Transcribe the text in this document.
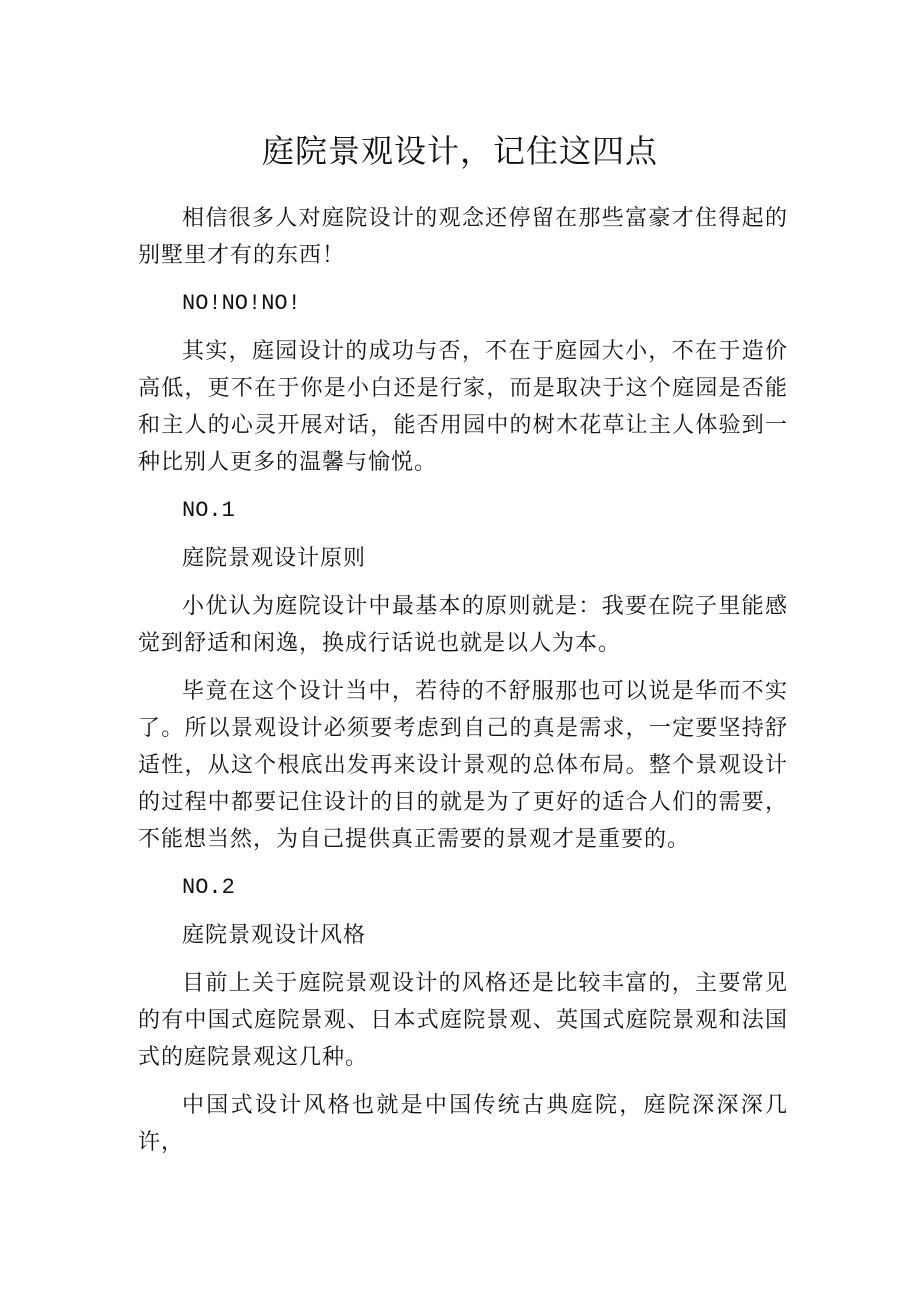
庭院景观设计，记住这四点

相信很多人对庭院设计的观念还停留在那些富豪才住得起的别墅里才有的东西！

NO!NO!NO!

其实，庭园设计的成功与否，不在于庭园大小，不在于造价高低，更不在于你是小白还是行家，而是取决于这个庭园是否能和主人的心灵开展对话，能否用园中的树木花草让主人体验到一种比别人更多的温馨与愉悦。

NO.1

庭院景观设计原则

小优认为庭院设计中最基本的原则就是：我要在院子里能感觉到舒适和闲逸，换成行话说也就是以人为本。

毕竟在这个设计当中，若待的不舒服那也可以说是华而不实了。所以景观设计必须要考虑到自己的真是需求，一定要坚持舒适性，从这个根底出发再来设计景观的总体布局。整个景观设计的过程中都要记住设计的目的就是为了更好的适合人们的需要，不能想当然，为自己提供真正需要的景观才是重要的。

NO.2

庭院景观设计风格

目前上关于庭院景观设计的风格还是比较丰富的，主要常见的有中国式庭院景观、日本式庭院景观、英国式庭院景观和法国式的庭院景观这几种。

中国式设计风格也就是中国传统古典庭院，庭院深深深几许，
